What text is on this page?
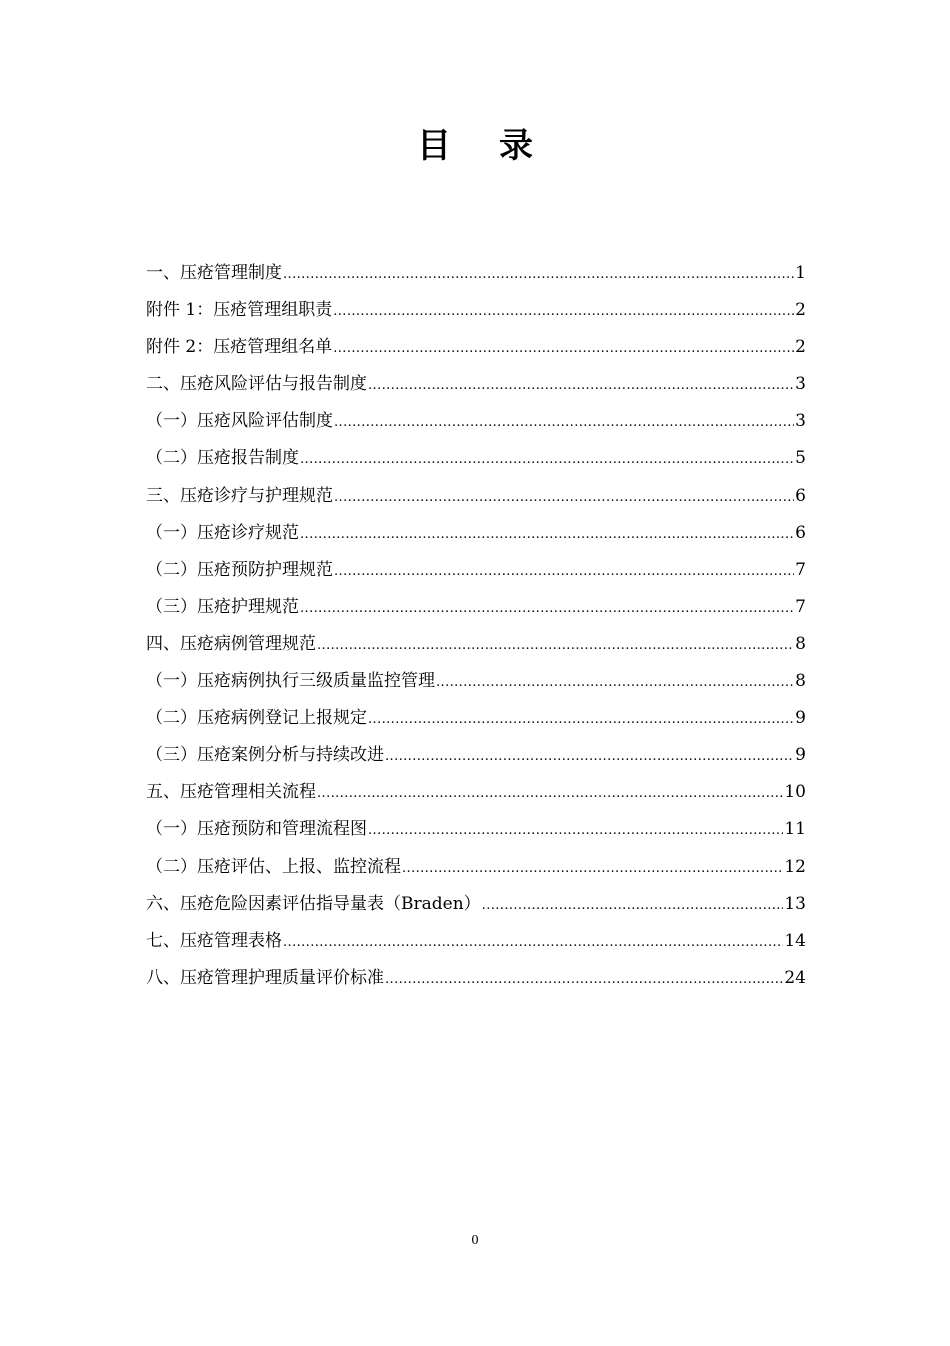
目录
一、压疮管理制度 .....	1
附件 1：压疮管理组职责 .....	2
附件 2：压疮管理组名单 .....	2
二、压疮风险评估与报告制度 .....	3
（一）压疮风险评估制度 .....	3
（二）压疮报告制度 .....	5
三、压疮诊疗与护理规范 .....	6
（一）压疮诊疗规范 .....	6
（二）压疮预防护理规范 .....	7
（三）压疮护理规范 .....	7
四、压疮病例管理规范 .....	8
（一）压疮病例执行三级质量监控管理 .....	8
（二）压疮病例登记上报规定 .....	9
（三）压疮案例分析与持续改进 .....	9
五、压疮管理相关流程 .....	10
（一）压疮预防和管理流程图 .....	11
（二）压疮评估、上报、监控流程 .....	12
六、压疮危险因素评估指导量表（Braden） .....	13
七、压疮管理表格 .....	14
八、压疮管理护理质量评价标准 .....	24
0
